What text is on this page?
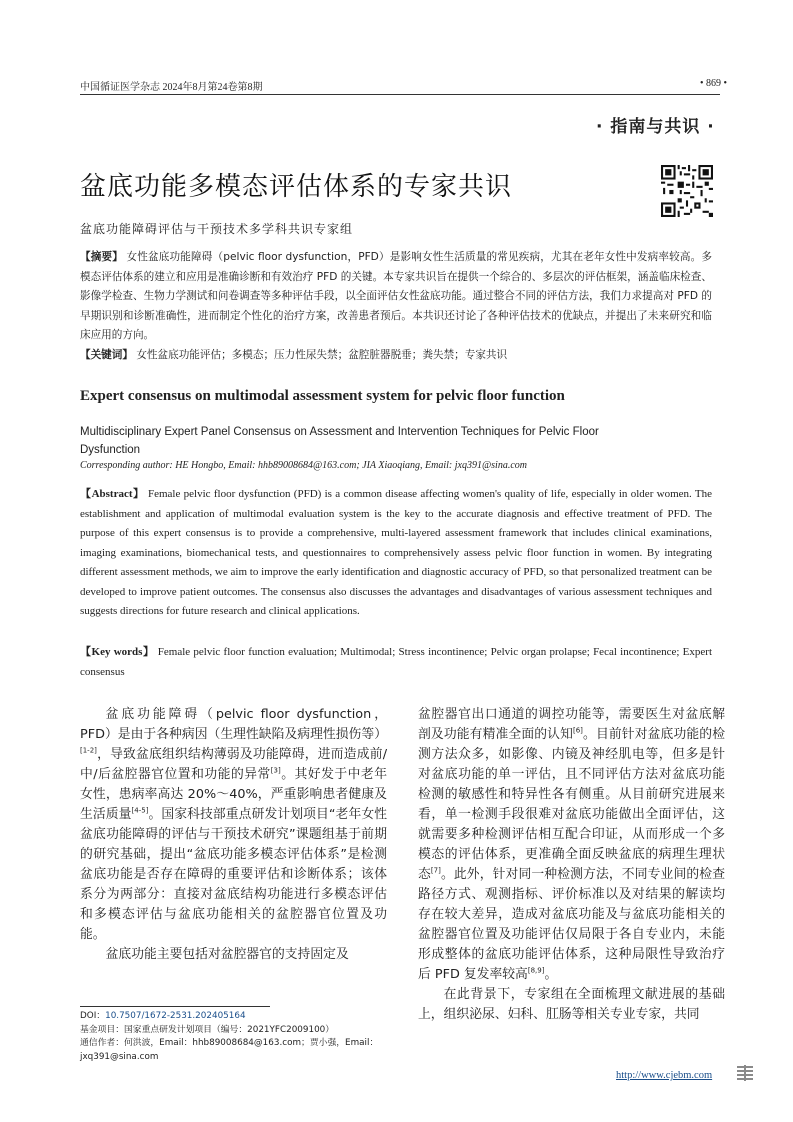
中国循证医学杂志 2024年8月第24卷第8期	• 869 •
· 指南与共识 ·
盆底功能多模态评估体系的专家共识
盆底功能障碍评估与干预技术多学科共识专家组
【摘要】 女性盆底功能障碍（pelvic floor dysfunction，PFD）是影响女性生活质量的常见疾病，尤其在老年女性中发病率较高。多模态评估体系的建立和应用是准确诊断和有效治疗 PFD 的关键。本专家共识旨在提供一个综合的、多层次的评估框架，涵盖临床检查、影像学检查、生物力学测试和问卷调查等多种评估手段，以全面评估女性盆底功能。通过整合不同的评估方法，我们力求提高对 PFD 的早期识别和诊断准确性，进而制定个性化的治疗方案，改善患者预后。本共识还讨论了各种评估技术的优缺点，并提出了未来研究和临床应用的方向。
【关键词】 女性盆底功能评估；多模态；压力性尿失禁；盆腔脏器脱垂；粪失禁；专家共识
Expert consensus on multimodal assessment system for pelvic floor function
Multidisciplinary Expert Panel Consensus on Assessment and Intervention Techniques for Pelvic Floor Dysfunction
Corresponding author: HE Hongbo, Email: hhb89008684@163.com; JIA Xiaoqiang, Email: jxq391@sina.com
【Abstract】 Female pelvic floor dysfunction (PFD) is a common disease affecting women's quality of life, especially in older women. The establishment and application of multimodal evaluation system is the key to the accurate diagnosis and effective treatment of PFD. The purpose of this expert consensus is to provide a comprehensive, multi-layered assessment framework that includes clinical examinations, imaging examinations, biomechanical tests, and questionnaires to comprehensively assess pelvic floor function in women. By integrating different assessment methods, we aim to improve the early identification and diagnostic accuracy of PFD, so that personalized treatment can be developed to improve patient outcomes. The consensus also discusses the advantages and disadvantages of various assessment techniques and suggests directions for future research and clinical applications.
【Key words】 Female pelvic floor function evaluation; Multimodal; Stress incontinence; Pelvic organ prolapse; Fecal incontinence; Expert consensus

盆底功能障碍（pelvic floor dysfunction，PFD）是由于各种病因（生理性缺陷及病理性损伤等）[1-2]，导致盆底组织结构薄弱及功能障碍，进而造成前/中/后盆腔器官位置和功能的异常[3]。其好发于中老年女性，患病率高达 20%～40%，严重影响患者健康及生活质量[4-5]。国家科技部重点研发计划项目“老年女性盆底功能障碍的评估与干预技术研究”课题组基于前期的研究基础，提出“盆底功能多模态评估体系”是检测盆底功能是否存在障碍的重要评估和诊断体系；该体系分为两部分：直接对盆底结构功能进行多模态评估和多模态评估与盆底功能相关的盆腔器官位置及功能。

盆底功能主要包括对盆腔器官的支持固定及

盆腔器官出口通道的调控功能等，需要医生对盆底解剖及功能有精准全面的认知[6]。目前针对盆底功能的检测方法众多，如影像、内镜及神经肌电等，但多是针对盆底功能的单一评估，且不同评估方法对盆底功能检测的敏感性和特异性各有侧重。从目前研究进展来看，单一检测手段很难对盆底功能做出全面评估，这就需要多种检测评估相互配合印证，从而形成一个多模态的评估体系，更准确全面反映盆底的病理生理状态[7]。此外，针对同一种检测方法，不同专业间的检查路径方式、观测指标、评价标准以及对结果的解读均存在较大差异，造成对盆底功能及与盆底功能相关的盆腔器官位置及功能评估仅局限于各自专业内，未能形成整体的盆底功能评估体系，这种局限性导致治疗后 PFD 复发率较高[8,9]。

在此背景下，专家组在全面梳理文献进展的基础上，组织泌尿、妇科、肛肠等相关专业专家，共同

DOI：10.7507/1672-2531.202405164
基金项目：国家重点研发计划项目（编号：2021YFC2009100）
通信作者：何洪波，Email：hhb89008684@163.com；贾小强，Email：jxq391@sina.com
http://www.cjebm.com
